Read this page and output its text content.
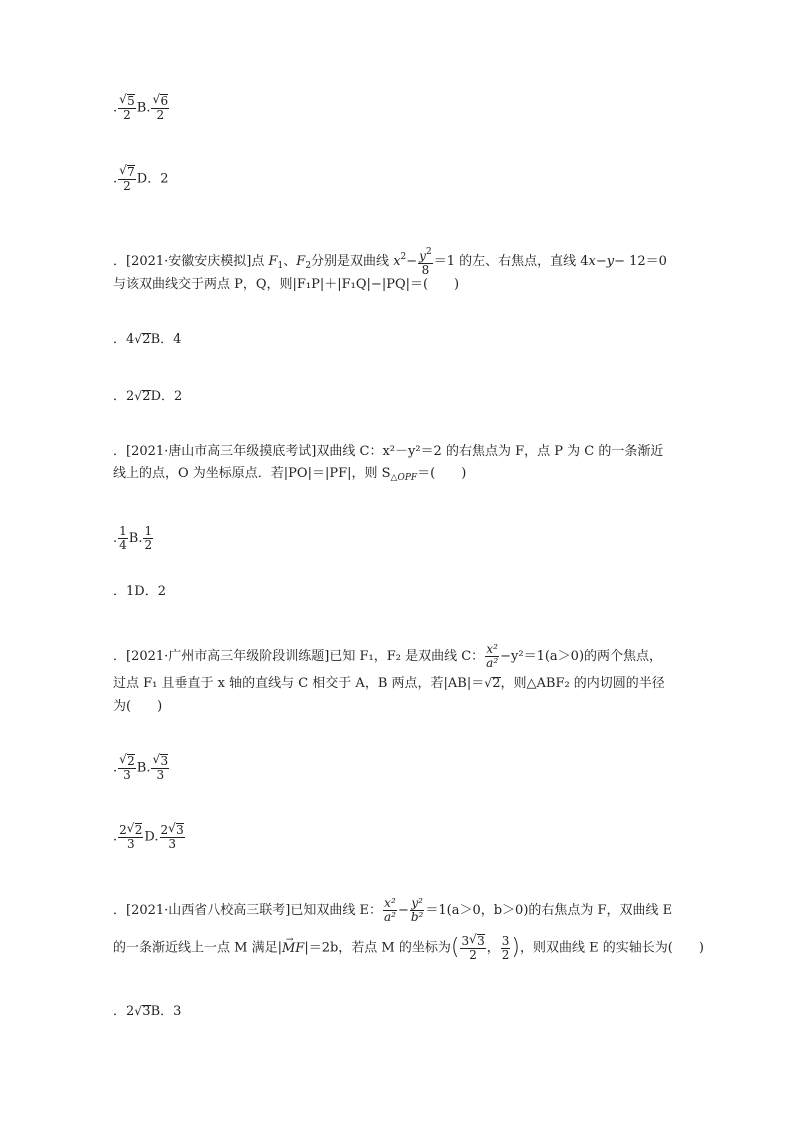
. √ $\frac{5}{2} B$. √ $\frac{6}{2}$
. √ $\frac{7}{2}$ D．2
．[2021·安徽安庆模拟]点 $F_1$、$F_2$分别是双曲线 $x^2- \frac{y^2}{8} =1$ 的左、右焦点，直线 4x−y− 12＝0
与该双曲线交于两点 P，Q，则|F₁P|＋|F₁Q|−|PQ|＝(　　)
．4 √ 2B．4
．2 √ 2D．2
．[2021·唐山市高三年级摸底考试]双曲线 C：x²－y²＝2 的右焦点为 F，点 P 为 C 的一条渐近
线上的点，O 为坐标原点．若|PO|＝|PF|，则 $S_{\triangle OPF}=$(　　)
. $\frac{1}{4} B$. $\frac{1}{2}$
．1D．2
．[2021·广州市高三年级阶段训练题]已知 F₁，F₂ 是双曲线 C： $\frac{\text{x²}}{\text{a²}} -y^2=1(a>0)$的两个焦点，
过点 F₁ 且垂直于 x 轴的直线与 C 相交于 A，B 两点，若|AB|＝ √ 2，则△ABF₂ 的内切圆的半径
为(　　)
. √ $\frac{2}{3} B$. √ $\frac{3}{3}$
. $\frac{2 √ 2}{3} D$. $\frac{2 √ 3}{3}$
．[2021·山西省八校高三联考]已知双曲线 E： $\frac{\text{x²}}{\text{a²}} - \frac{\text{y²}}{\text{b²}} =1(a>0$，b＞0)的右焦点为 F，双曲线 E
的一条渐近线上一点 M 满足|→ MF|＝2b，若点 M 的坐标为( $\frac{3 √ 3}{2}$ ， $\frac{3}{2}$ )，则双曲线 E 的实轴长为(　　)
．2 √ 3B．3
